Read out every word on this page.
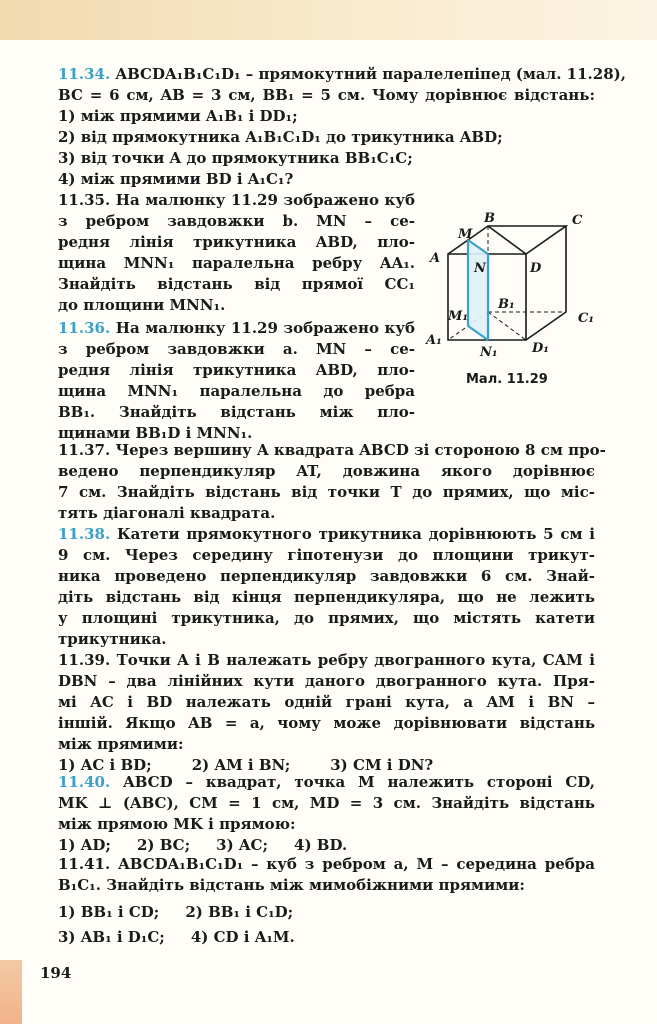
11.34. ABCDA₁B₁C₁D₁ – прямокутний паралелепіпед (мал. 11.28),
BC = 6 см, AB = 3 см, BB₁ = 5 см. Чому дорівнює відстань:
1) між прямими A₁B₁ і DD₁;
2) від прямокутника A₁B₁C₁D₁ до трикутника ABD;
3) від точки A до прямокутника BB₁C₁C;
4) між прямими BD і A₁C₁?
11.35. На малюнку 11.29 зображено куб
з ребром завдовжки b. MN – се-
редня лінія трикутника ABD, пло-
щина MNN₁ паралельна ребру AA₁.
Знайдіть відстань від прямої CC₁
до площини MNN₁.
11.36. На малюнку 11.29 зображено куб
з ребром завдовжки a. MN – се-
редня лінія трикутника ABD, пло-
щина MNN₁ паралельна до ребра
BB₁. Знайдіть відстань між пло-
щинами BB₁D і MNN₁.
M
B	C
A
N	D
B₁
M₁	C₁
A₁
N₁	D₁
Мал. 11.29
11.37. Через вершину A квадрата ABCD зі стороною 8 см про-
ведено перпендикуляр AT, довжина якого дорівнює
7 см. Знайдіть відстань від точки T до прямих, що міс-
тять діагоналі квадрата.
11.38. Катети прямокутного трикутника дорівнюють 5 см і
9 см. Через середину гіпотенузи до площини трикут-
ника проведено перпендикуляр завдовжки 6 см. Знай-
діть відстань від кінця перпендикуляра, що не лежить
у площині трикутника, до прямих, що містять катети
трикутника.
11.39. Точки A і B належать ребру двогранного кута, CAM і
DBN – два лінійних кути даного двогранного кута. Пря-
мі AC і BD належать одній грані кута, а AM і BN –
іншій. Якщо AB = a, чому може дорівнювати відстань
між прямими:
1) AC і BD;	2) AM і BN;	3) CM і DN?
11.40. ABCD – квадрат, точка M належить стороні CD,
MK ⊥ (ABC), CM = 1 см, MD = 3 см. Знайдіть відстань
між прямою MK і прямою:
1) AD; 2) BC; 3) AC; 4) BD.
11.41. ABCDA₁B₁C₁D₁ – куб з ребром a, M – середина ребра
B₁C₁. Знайдіть відстань між мимобіжними прямими:
1) BB₁ і CD; 2) BB₁ і C₁D;
3) AB₁ і D₁C; 4) CD і A₁M.
194
